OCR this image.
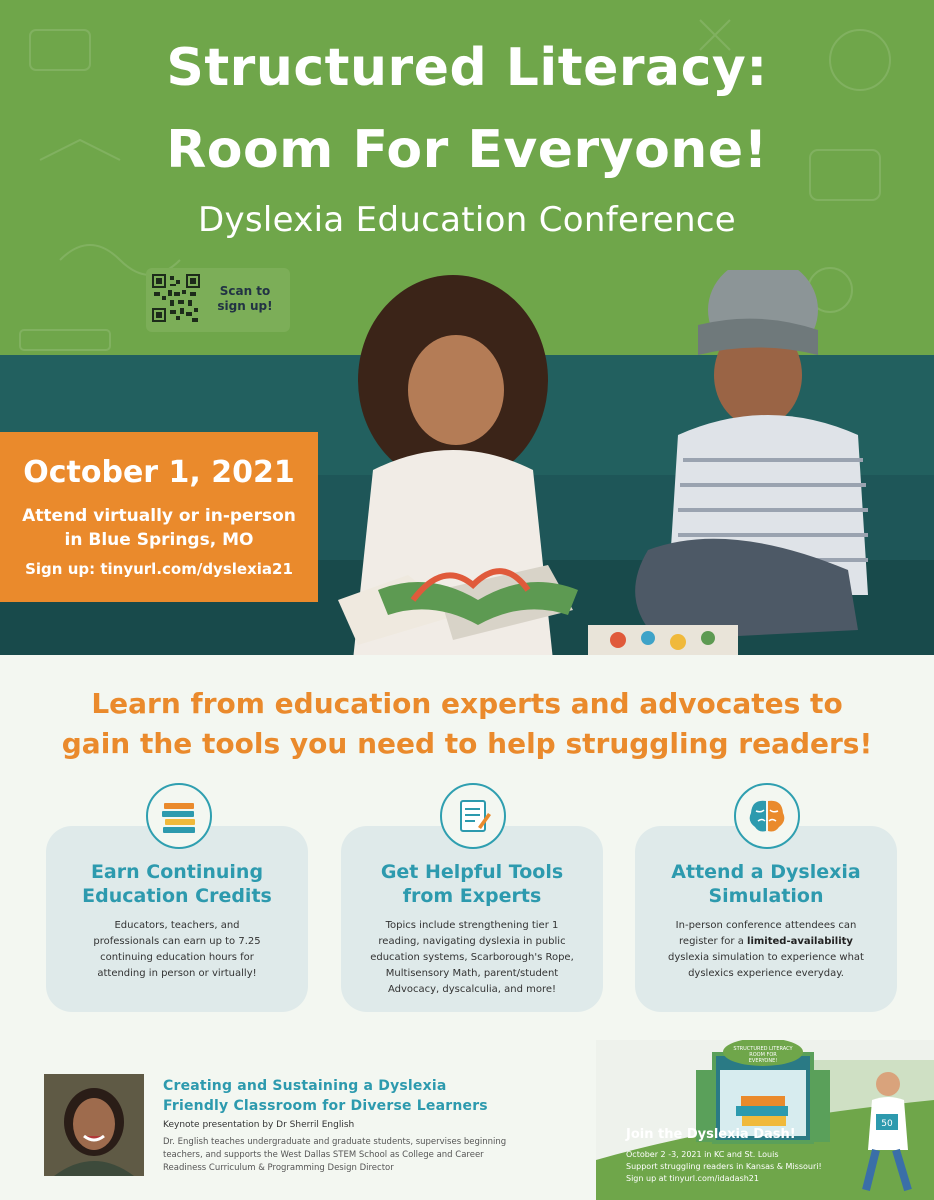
Structured Literacy:
Room For Everyone!
Dyslexia Education Conference
Scan to
sign up!
October 1, 2021
Attend virtually or in-person
in Blue Springs, MO
Sign up: tinyurl.com/dyslexia21
Learn from education experts and advocates to
gain the tools you need to help struggling readers!
Earn Continuing
Education Credits
Educators, teachers, and
professionals can earn up to 7.25
continuing education hours for
attending in person or virtually!
Get Helpful Tools
from Experts
Topics include strengthening tier 1
reading, navigating dyslexia in public
education systems, Scarborough's Rope,
Multisensory Math, parent/student
Advocacy, dyscalculia, and more!
Attend a Dyslexia
Simulation
In-person conference attendees can
register for a limited-availability
dyslexia simulation to experience what
dyslexics experience everyday.
Creating and Sustaining a Dyslexia
Friendly Classroom for Diverse Learners
Keynote presentation by Dr Sherril English
Dr. English teaches undergraduate and graduate students, supervises beginning
teachers, and supports the West Dallas STEM School as College and Career
Readiness Curriculum & Programming Design Director
STRUCTURED LITERACY
ROOM FOR
EVERYONE!
50
Join the Dyslexia Dash!
October 2 -3, 2021 in KC and St. Louis
Support struggling readers in Kansas & Missouri!
Sign up at tinyurl.com/idadash21
